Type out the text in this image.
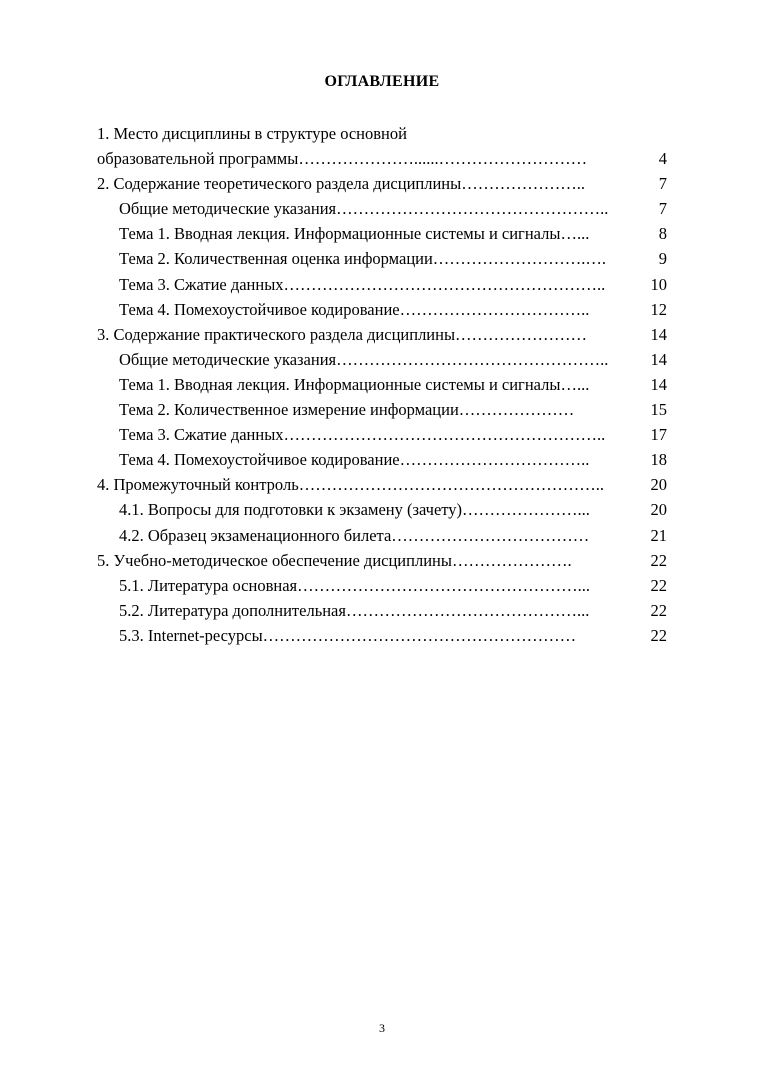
ОГЛАВЛЕНИЕ
1. Место дисциплины в структуре основной
образовательной программы…………………......………………………	4
2. Содержание теоретического раздела дисциплины…………………..	7
Общие методические указания…………………………………………..	7
Тема 1. Вводная лекция. Информационные системы и сигналы…...	8
Тема 2. Количественная оценка информации……………………….….	9
Тема 3. Сжатие данных…………………………………………………..	10
Тема 4. Помехоустойчивое кодирование……………………………..	12
3. Содержание практического раздела дисциплины……………………	14
Общие методические указания…………………………………………..	14
Тема 1. Вводная лекция. Информационные системы и сигналы…...	14
Тема 2. Количественное измерение информации…………………	15
Тема 3. Сжатие данных…………………………………………………..	17
Тема 4. Помехоустойчивое кодирование……………………………..	18
4. Промежуточный контроль………………………………………………..	20
4.1. Вопросы для подготовки к экзамену (зачету)…………………...	20
4.2. Образец экзаменационного билета………………………………	21
5. Учебно-методическое обеспечение дисциплины………………….	22
5.1. Литература основная……………………………………………...	22
5.2. Литература дополнительная……………………………………...	22
5.3. Internet-ресурсы…………………………………………………	22
3
